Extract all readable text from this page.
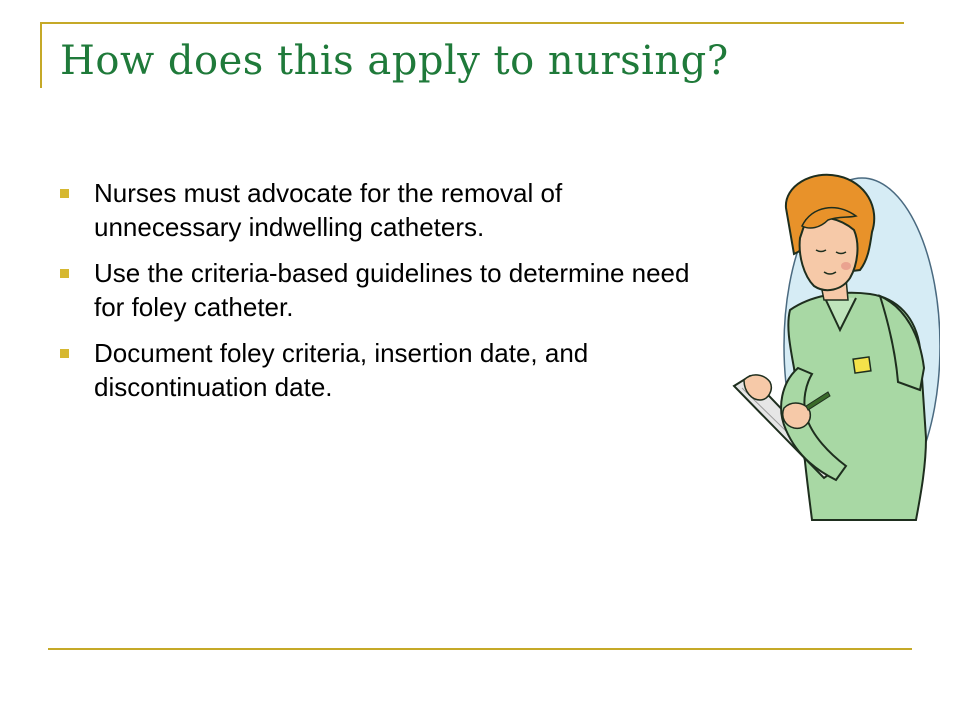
How does this apply to nursing?
Nurses must advocate for the removal of unnecessary indwelling catheters.
Use the criteria-based guidelines to determine need for foley catheter.
Document foley criteria, insertion date, and discontinuation date.
